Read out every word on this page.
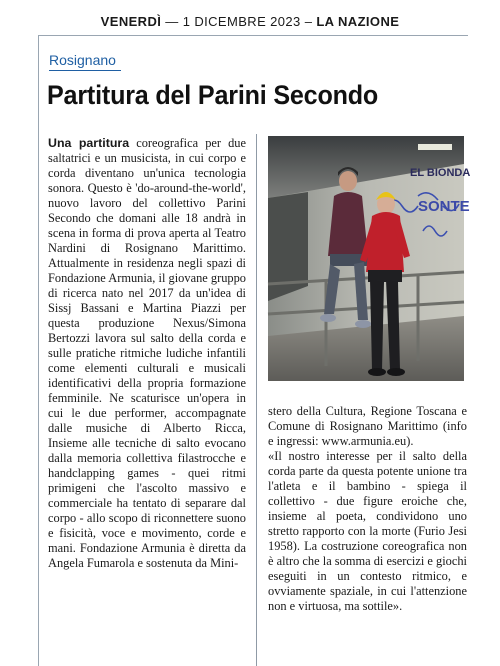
VENERDÌ — 1 DICEMBRE 2023 – LA NAZIONE
Rosignano
Partitura del Parini Secondo

Una partitura coreografica per due saltatrici e un musicista, in cui corpo e corda diventano un'unica tecnologia sonora. Questo è 'do-around-the-world', nuovo lavoro del collettivo Parini Secondo che domani alle 18 andrà in scena in forma di prova aperta al Teatro Nardini di Rosignano Marittimo. Attualmente in residenza negli spazi di Fondazione Armunia, il giovane gruppo di ricerca nato nel 2017 da un'idea di Sissj Bassani e Martina Piazzi per questa produzione Nexus/Simona Bertozzi lavora sul salto della corda e sulle pratiche ritmiche ludiche infantili come elementi culturali e musicali identificativi della propria formazione femminile. Ne scaturisce un'opera in cui le due performer, accompagnate dalle musiche di Alberto Ricca, Insieme alle tecniche di salto evocano dalla memoria collettiva filastrocche e handclapping games - quei ritmi primigeni che l'ascolto massivo e commerciale ha tentato di separare dal corpo - allo scopo di riconnettere suono e fisicità, voce e movimento, corde e mani. Fondazione Armunia è diretta da Angela Fumarola e sostenuta da Mini-

EL BIONDA
SONTE

stero della Cultura, Regione Toscana e Comune di Rosignano Marittimo (info e ingressi: www.armunia.eu).

«Il nostro interesse per il salto della corda parte da questa potente unione tra l'atleta e il bambino - spiega il collettivo - due figure eroiche che, insieme al poeta, condividono uno stretto rapporto con la morte (Furio Jesi 1958). La costruzione coreografica non è altro che la somma di esercizi e giochi eseguiti in un contesto ritmico, e ovviamente spaziale, in cui l'attenzione non e virtuosa, ma sottile».
